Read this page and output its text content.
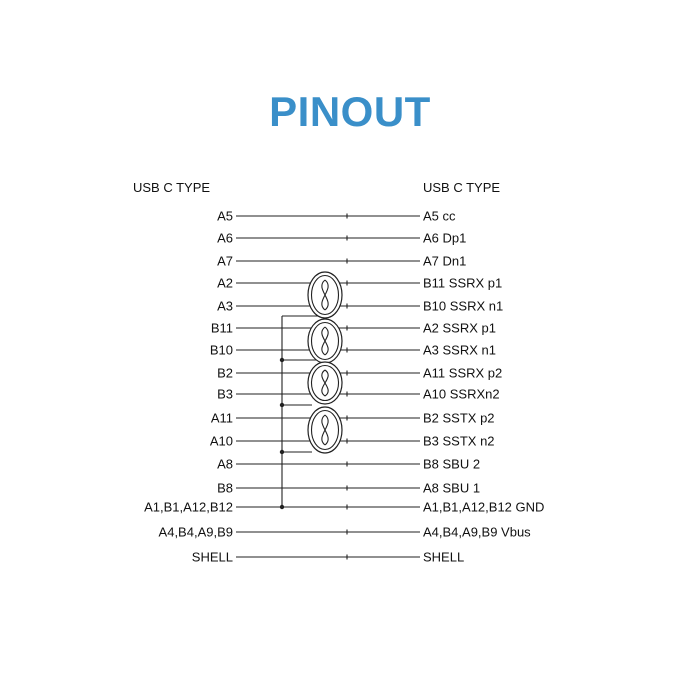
PINOUT
USB C TYPE	USB C TYPE
A5	A5 cc
A6	A6 Dp1
A7	A7 Dn1
A2	B11 SSRX p1
A3	B10 SSRX n1
B11	A2 SSRX p1
B10	A3 SSRX n1
B2	A11 SSRX p2
B3	A10 SSRXn2
A11	B2 SSTX p2
A10	B3 SSTX n2
A8	B8 SBU 2
B8	A8 SBU 1
A1,B1,A12,B12	A1,B1,A12,B12 GND
A4,B4,A9,B9	A4,B4,A9,B9 Vbus
SHELL	SHELL
